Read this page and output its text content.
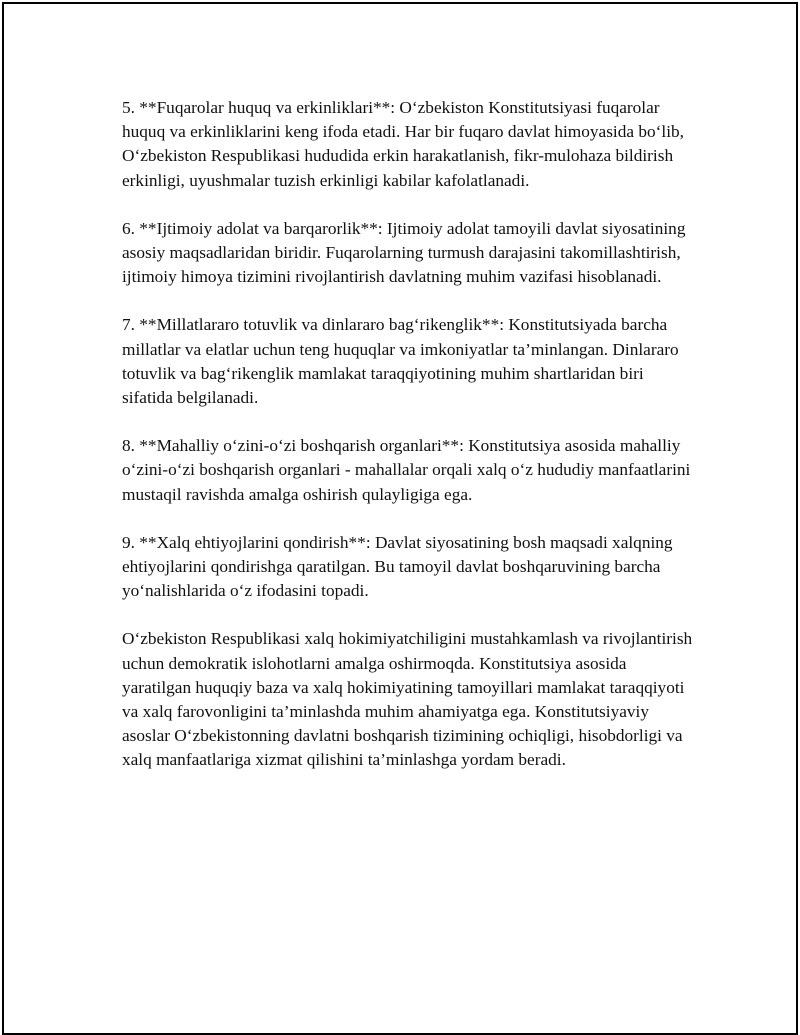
5. **Fuqarolar huquq va erkinliklari**: O‘zbekiston Konstitutsiyasi fuqarolar huquq va erkinliklarini keng ifoda etadi. Har bir fuqaro davlat himoyasida bo‘lib, O‘zbekiston Respublikasi hududida erkin harakatlanish, fikr-mulohaza bildirish erkinligi, uyushmalar tuzish erkinligi kabilar kafolatlanadi.

6. **Ijtimoiy adolat va barqarorlik**: Ijtimoiy adolat tamoyili davlat siyosatining asosiy maqsadlaridan biridir. Fuqarolarning turmush darajasini takomillashtirish, ijtimoiy himoya tizimini rivojlantirish davlatning muhim vazifasi hisoblanadi.

7. **Millatlararo totuvlik va dinlararo bag‘rikenglik**: Konstitutsiyada barcha millatlar va elatlar uchun teng huquqlar va imkoniyatlar ta’minlangan. Dinlararo totuvlik va bag‘rikenglik mamlakat taraqqiyotining muhim shartlaridan biri sifatida belgilanadi.

8. **Mahalliy o‘zini-o‘zi boshqarish organlari**: Konstitutsiya asosida mahalliy o‘zini-o‘zi boshqarish organlari - mahallalar orqali xalq o‘z hududiy manfaatlarini mustaqil ravishda amalga oshirish qulayligiga ega.

9. **Xalq ehtiyojlarini qondirish**: Davlat siyosatining bosh maqsadi xalqning ehtiyojlarini qondirishga qaratilgan. Bu tamoyil davlat boshqaruvining barcha yo‘nalishlarida o‘z ifodasini topadi.

O‘zbekiston Respublikasi xalq hokimiyatchiligini mustahkamlash va rivojlantirish uchun demokratik islohotlarni amalga oshirmoqda. Konstitutsiya asosida yaratilgan huquqiy baza va xalq hokimiyatining tamoyillari mamlakat taraqqiyoti va xalq farovonligini ta’minlashda muhim ahamiyatga ega. Konstitutsiyaviy asoslar O‘zbekistonning davlatni boshqarish tizimining ochiqligi, hisobdorligi va xalq manfaatlariga xizmat qilishini ta’minlashga yordam beradi.
